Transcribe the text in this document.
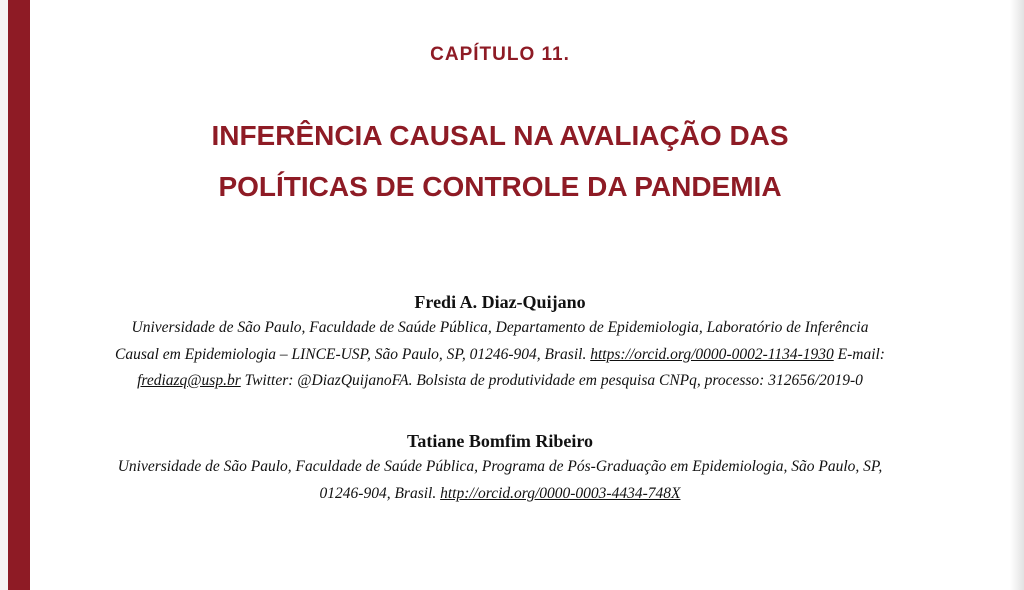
CAPÍTULO 11.
INFERÊNCIA CAUSAL NA AVALIAÇÃO DAS
POLÍTICAS DE CONTROLE DA PANDEMIA

Fredi A. Diaz-Quijano

Universidade de São Paulo, Faculdade de Saúde Pública, Departamento de Epidemiologia, Laboratório de Inferência Causal em Epidemiologia – LINCE-USP, São Paulo, SP, 01246-904, Brasil. https://orcid.org/0000-0002-1134-1930 E-mail: frediazq@usp.br Twitter: @DiazQuijanoFA. Bolsista de produtividade em pesquisa CNPq, processo: 312656/2019-0

Tatiane Bomfim Ribeiro

Universidade de São Paulo, Faculdade de Saúde Pública, Programa de Pós-Graduação em Epidemiologia, São Paulo, SP, 01246-904, Brasil. http://orcid.org/0000-0003-4434-748X
